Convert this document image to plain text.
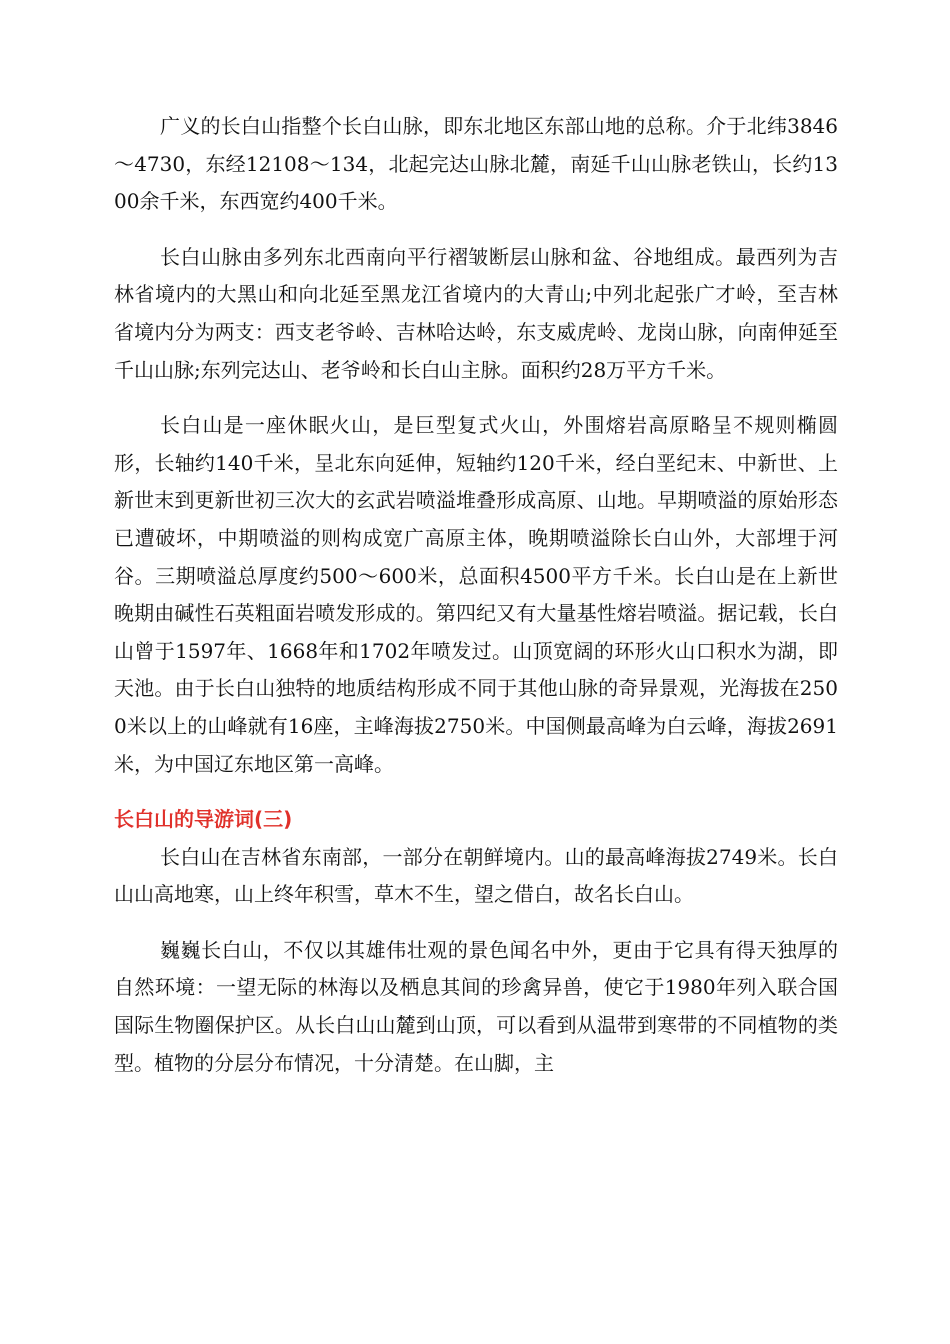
广义的长白山指整个长白山脉，即东北地区东部山地的总称。介于北纬3846～4730，东经12108～134，北起完达山脉北麓，南延千山山脉老铁山，长约1300余千米，东西宽约400千米。

长白山脉由多列东北西南向平行褶皱断层山脉和盆、谷地组成。最西列为吉林省境内的大黑山和向北延至黑龙江省境内的大青山;中列北起张广才岭，至吉林省境内分为两支：西支老爷岭、吉林哈达岭，东支威虎岭、龙岗山脉，向南伸延至千山山脉;东列完达山、老爷岭和长白山主脉。面积约28万平方千米。

长白山是一座休眠火山，是巨型复式火山，外围熔岩高原略呈不规则椭圆形，长轴约140千米，呈北东向延伸，短轴约120千米，经白垩纪末、中新世、上新世末到更新世初三次大的玄武岩喷溢堆叠形成高原、山地。早期喷溢的原始形态已遭破坏，中期喷溢的则构成宽广高原主体，晚期喷溢除长白山外，大部埋于河谷。三期喷溢总厚度约500～600米，总面积4500平方千米。长白山是在上新世晚期由碱性石英粗面岩喷发形成的。第四纪又有大量基性熔岩喷溢。据记载，长白山曾于1597年、1668年和1702年喷发过。山顶宽阔的环形火山口积水为湖，即天池。由于长白山独特的地质结构形成不同于其他山脉的奇异景观，光海拔在2500米以上的山峰就有16座，主峰海拔2750米。中国侧最高峰为白云峰，海拔2691米，为中国辽东地区第一高峰。

长白山的导游词(三)

长白山在吉林省东南部，一部分在朝鲜境内。山的最高峰海拔2749米。长白山山高地寒，山上终年积雪，草木不生，望之借白，故名长白山。

巍巍长白山，不仅以其雄伟壮观的景色闻名中外，更由于它具有得天独厚的自然环境：一望无际的林海以及栖息其间的珍禽异兽，使它于1980年列入联合国国际生物圈保护区。从长白山山麓到山顶，可以看到从温带到寒带的不同植物的类型。植物的分层分布情况，十分清楚。在山脚，主
